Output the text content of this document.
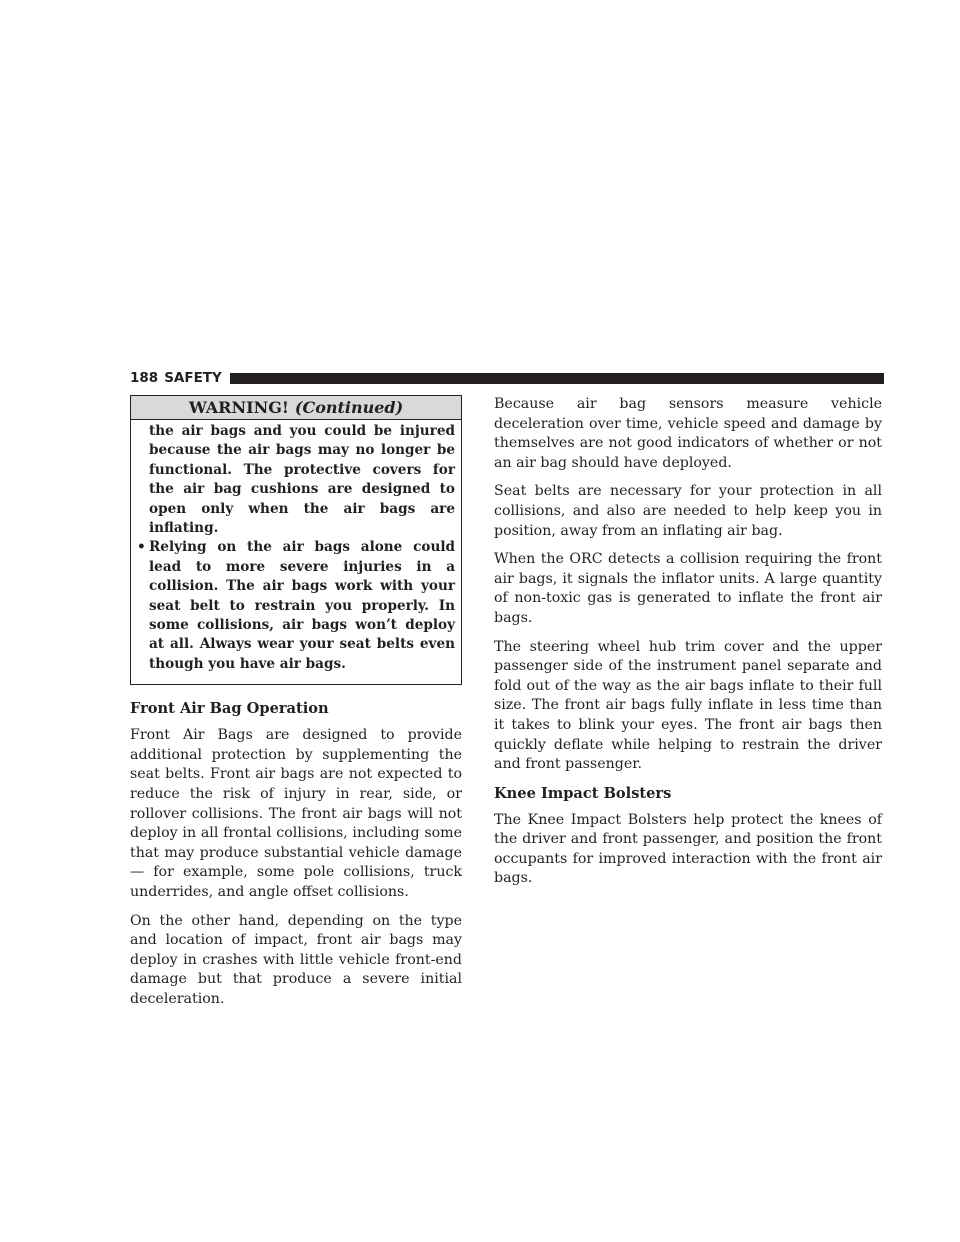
188 SAFETY
WARNING! (Continued)

the air bags and you could be injured because the air bags may no longer be functional. The protective covers for the air bag cushions are designed to open only when the air bags are inflating.

• Relying on the air bags alone could lead to more severe injuries in a collision. The air bags work with your seat belt to restrain you properly. In some collisions, air bags won’t deploy at all. Always wear your seat belts even though you have air bags.
Front Air Bag Operation

Front Air Bags are designed to provide additional protection by supplementing the seat belts. Front air bags are not expected to reduce the risk of injury in rear, side, or rollover collisions. The front air bags will not deploy in all frontal collisions, including some that may produce substantial vehicle damage — for example, some pole collisions, truck underrides, and angle offset collisions.

On the other hand, depending on the type and location of impact, front air bags may deploy in crashes with little vehicle front-end damage but that produce a severe initial deceleration.

Because air bag sensors measure vehicle deceleration over time, vehicle speed and damage by themselves are not good indicators of whether or not an air bag should have deployed.

Seat belts are necessary for your protection in all collisions, and also are needed to help keep you in position, away from an inflating air bag.

When the ORC detects a collision requiring the front air bags, it signals the inflator units. A large quantity of non-toxic gas is generated to inflate the front air bags.

The steering wheel hub trim cover and the upper passenger side of the instrument panel separate and fold out of the way as the air bags inflate to their full size. The front air bags fully inflate in less time than it takes to blink your eyes. The front air bags then quickly deflate while helping to restrain the driver and front passenger.

Knee Impact Bolsters

The Knee Impact Bolsters help protect the knees of the driver and front passenger, and position the front occupants for improved interaction with the front air bags.
